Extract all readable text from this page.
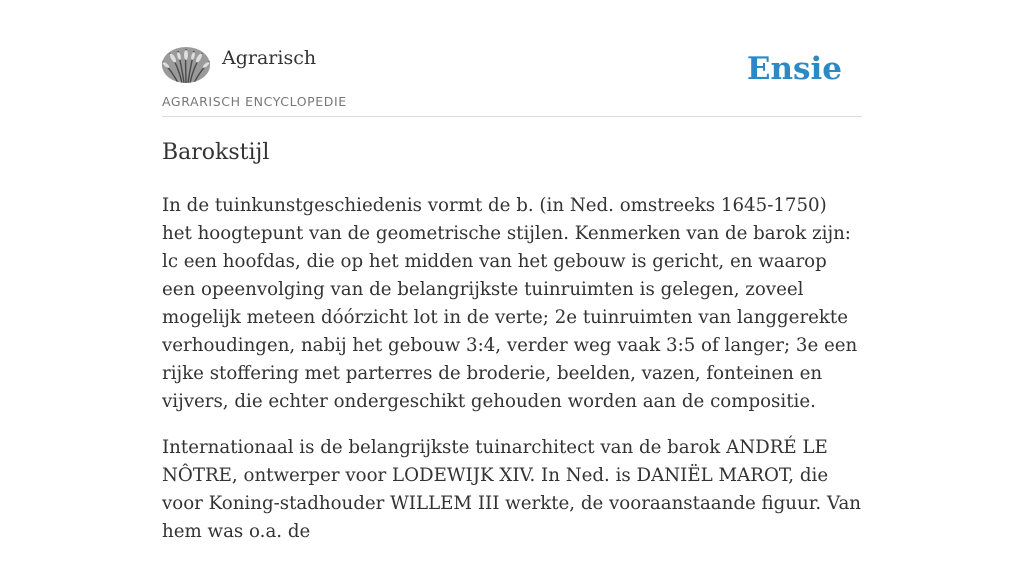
Agrarisch
AGRARISCH ENCYCLOPEDIE
Ensie
Barokstijl

In de tuinkunstgeschiedenis vormt de b. (in Ned. omstreeks 1645-1750) het hoogtepunt van de geometrische stijlen. Kenmerken van de barok zijn: lc een hoofdas, die op het midden van het gebouw is gericht, en waarop een opeenvolging van de belangrijkste tuinruimten is gelegen, zoveel mogelijk meteen dóórzicht lot in de verte; 2e tuinruimten van langgerekte verhoudingen, nabij het gebouw 3:4, verder weg vaak 3:5 of langer; 3e een rijke stoffering met parterres de broderie, beelden, vazen, fonteinen en vijvers, die echter ondergeschikt gehouden worden aan de compositie.

Internationaal is de belangrijkste tuinarchitect van de barok ANDRÉ LE NÔTRE, ontwerper voor LODEWIJK XIV. In Ned. is DANIËL MAROT, die voor Koning-stadhouder WILLEM III werkte, de vooraanstaande figuur. Van hem was o.a. de
